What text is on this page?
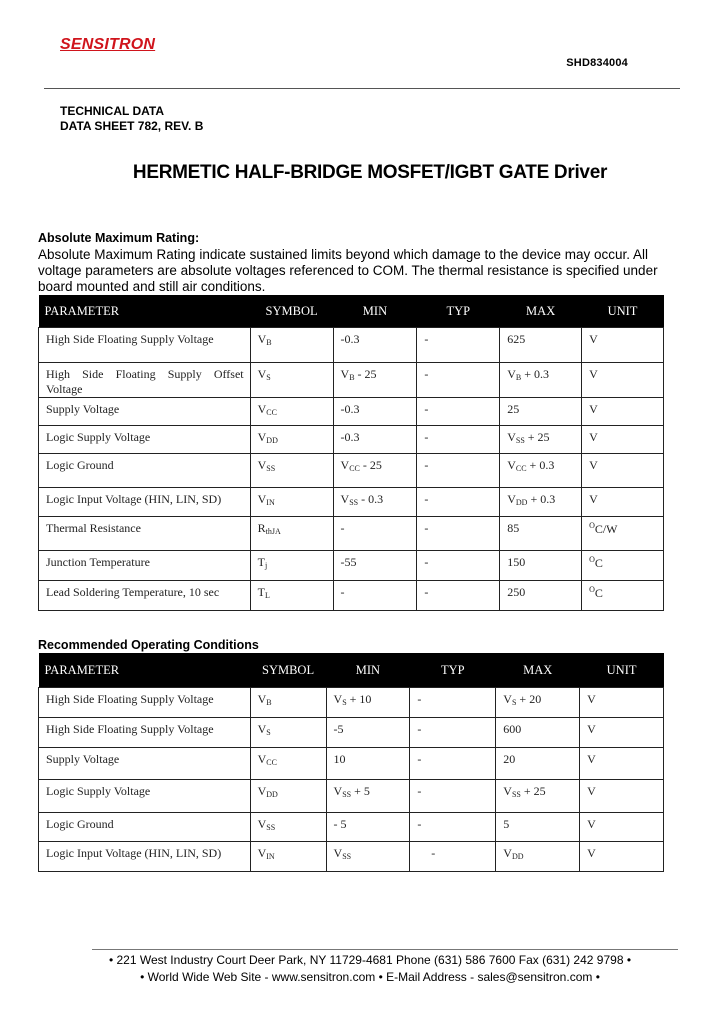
SENSITRON
SHD834004
TECHNICAL DATA
DATA SHEET 782, REV. B
HERMETIC HALF-BRIDGE MOSFET/IGBT GATE Driver
Absolute Maximum Rating:
Absolute Maximum Rating indicate sustained limits beyond which damage to the device may occur. All voltage parameters are absolute voltages referenced to COM. The thermal resistance is specified under board mounted and still air conditions.
PARAMETER	SYMBOL	MIN	TYP	MAX	UNIT
High Side Floating Supply Voltage	$V_B$	-0.3	-	625	V

High Side Floating Supply Offset Voltage	$V_S$	$V_B - 25$	-	$V_B + 0.3$	V
Supply Voltage	$V_{CC}$	-0.3	-	25	V
Logic Supply Voltage	$V_{DD}$	-0.3	-	$V_{SS} + 25$	V
Logic Ground	$V_{SS}$	$V_{CC} - 25$	-	$V_{CC} + 0.3$	V
Logic Input Voltage (HIN, LIN, SD)	$V_{IN}$	$V_{SS} - 0.3$	-	$V_{DD} + 0.3$	V
Thermal Resistance	$R_{thJA}$	-	-	85	$^O$C/W
Junction Temperature	$T_j$	-55	-	150	$^O$C
Lead Soldering Temperature, 10 sec	$T_L$	-	-	250	$^O$C
Recommended Operating Conditions
PARAMETER	SYMBOL	MIN	TYP	MAX	UNIT
High Side Floating Supply Voltage	$V_B$	$V_S + 10$	-	$V_S + 20$	V
High Side Floating Supply Voltage	$V_S$	-5	-	600	V
Supply Voltage	$V_{CC}$	10	-	20	V
Logic Supply Voltage	$V_{DD}$	$V_{SS} + 5$	-	$V_{SS} + 25$	V
Logic Ground	$V_{SS}$	- 5	-	5	V
Logic Input Voltage (HIN, LIN, SD)	$V_{IN}$	$V_{SS}$	-	$V_{DD}$	V
• 221 West Industry Court Deer Park, NY 11729-4681 Phone (631) 586 7600 Fax (631) 242 9798 •
• World Wide Web Site - www.sensitron.com • E-Mail Address - sales@sensitron.com •
